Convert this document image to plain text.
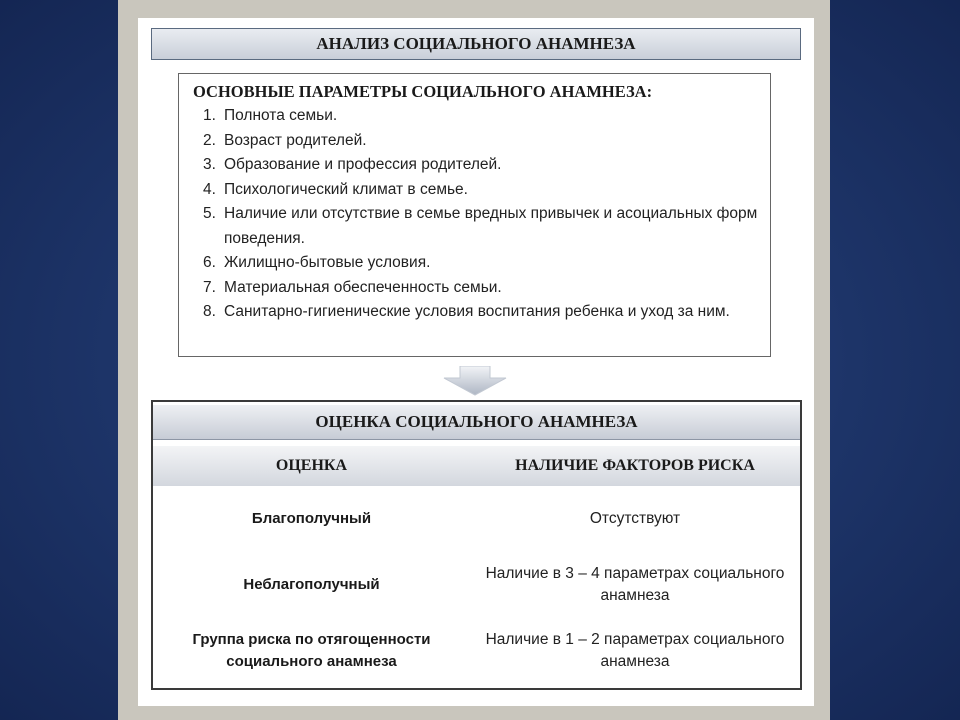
АНАЛИЗ СОЦИАЛЬНОГО АНАМНЕЗА
ОСНОВНЫЕ ПАРАМЕТРЫ СОЦИАЛЬНОГО АНАМНЕЗА:
1. Полнота семьи.
2. Возраст родителей.
3. Образование и профессия родителей.
4. Психологический климат в семье.
5. Наличие или отсутствие в семье вредных привычек и асоциальных форм поведения.
6. Жилищно-бытовые условия.
7. Материальная обеспеченность семьи.
8. Санитарно-гигиенические условия воспитания ребенка и уход за ним.
ОЦЕНКА СОЦИАЛЬНОГО АНАМНЕЗА
ОЦЕНКА	НАЛИЧИЕ ФАКТОРОВ РИСКА
Благополучный	Отсутствуют
Неблагополучный
Наличие в 3 – 4 параметрах социального анамнеза
Группа риска по отягощенности социального анамнеза
Наличие в 1 – 2 параметрах социального анамнеза
